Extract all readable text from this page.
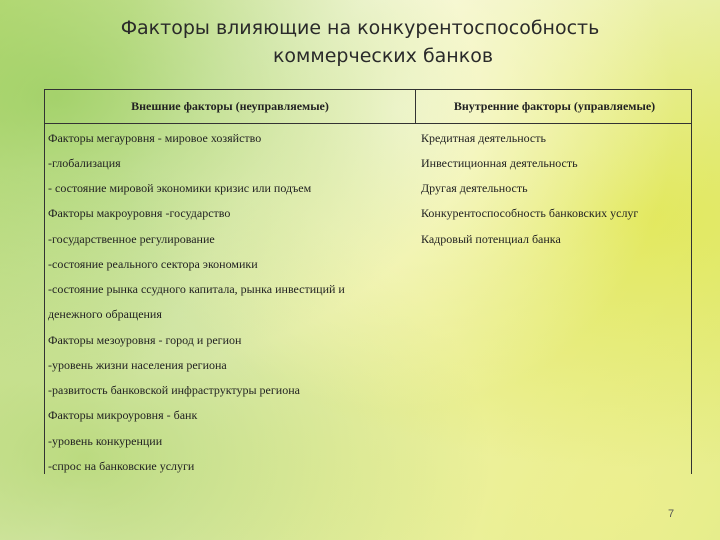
Факторы влияющие на конкурентоспособность
коммерческих банков
Внешние факторы (неуправляемые)	Внутренние факторы (управляемые)
Факторы мегауровня - мировое хозяйство
-глобализация
- состояние мировой экономики кризис или подъем
Факторы макроуровня -государство
-государственное регулирование
-состояние реального сектора экономики
-состояние рынка ссудного капитала, рынка инвестиций и
денежного обращения
Факторы мезоуровня - город и регион
-уровень жизни населения региона
-развитость банковской инфраструктуры региона
Факторы микроуровня - банк
-уровень конкуренции
-спрос на банковские услуги
Кредитная деятельность
Инвестиционная деятельность
Другая деятельность
Конкурентоспособность банковских услуг
Кадровый потенциал банка
7
